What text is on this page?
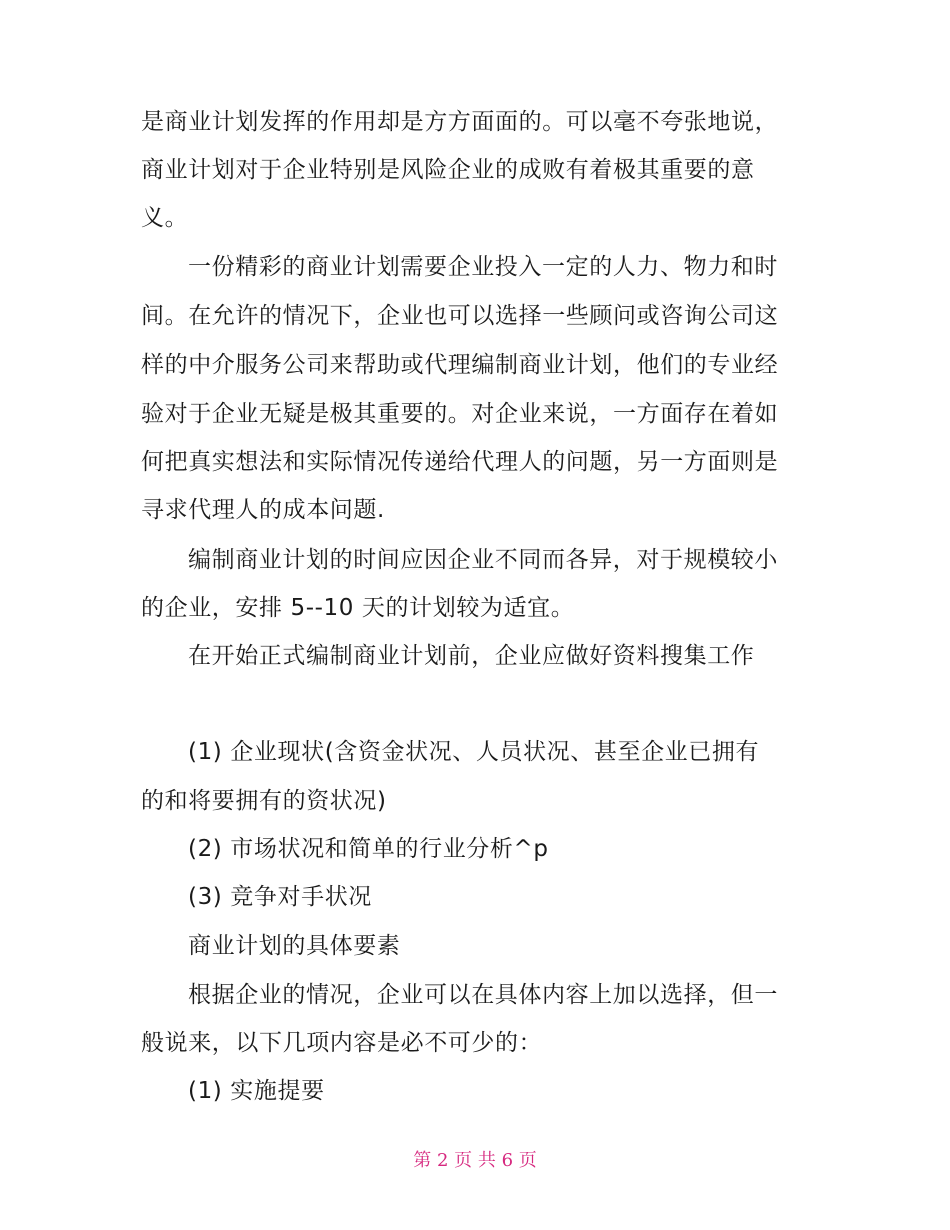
是商业计划发挥的作用却是方方面面的。可以毫不夸张地说，
商业计划对于企业特别是风险企业的成败有着极其重要的意
义。
一份精彩的商业计划需要企业投入一定的人力、物力和时
间。在允许的情况下，企业也可以选择一些顾问或咨询公司这
样的中介服务公司来帮助或代理编制商业计划，他们的专业经
验对于企业无疑是极其重要的。对企业来说，一方面存在着如
何把真实想法和实际情况传递给代理人的问题，另一方面则是
寻求代理人的成本问题.
编制商业计划的时间应因企业不同而各异，对于规模较小
的企业，安排 5--10 天的计划较为适宜。
在开始正式编制商业计划前，企业应做好资料搜集工作
(1) 企业现状(含资金状况、人员状况、甚至企业已拥有
的和将要拥有的资状况)
(2) 市场状况和简单的行业分析^p
(3) 竞争对手状况
商业计划的具体要素
根据企业的情况，企业可以在具体内容上加以选择，但一
般说来，以下几项内容是必不可少的：
(1) 实施提要
第 2 页 共 6 页
